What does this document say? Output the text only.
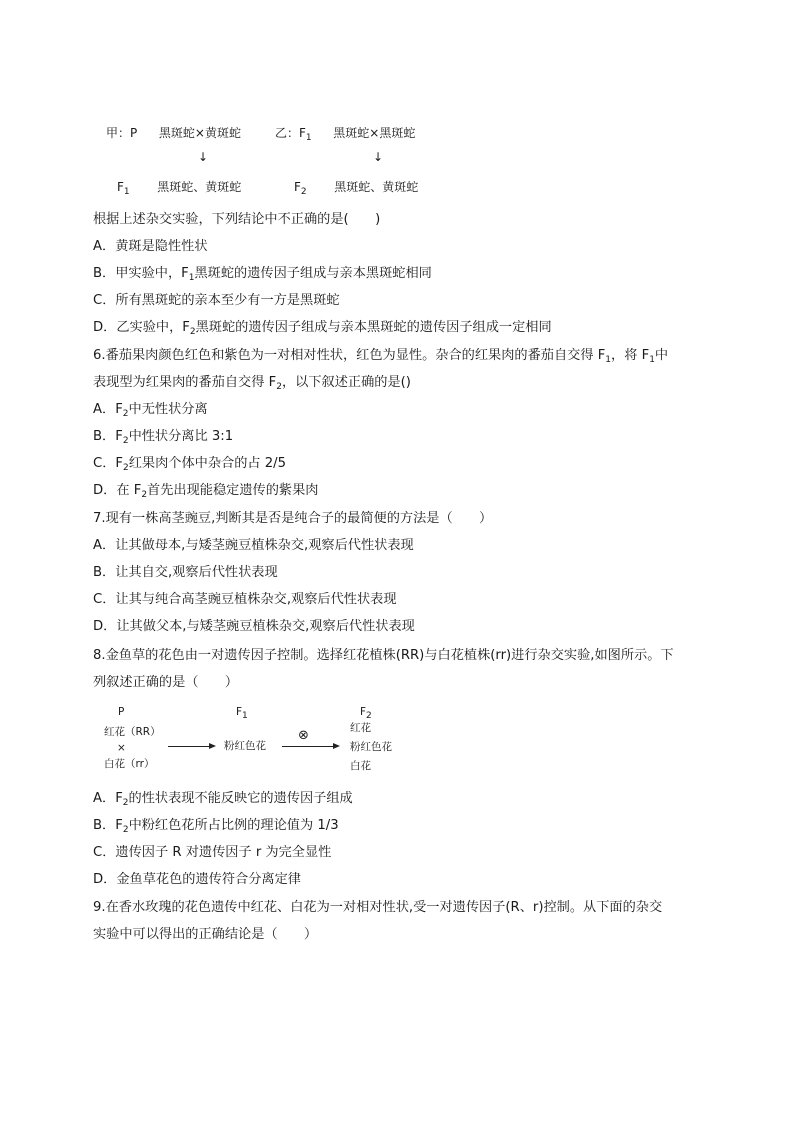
甲：P 黑斑蛇×黄斑蛇	乙：$F_1$ 黑斑蛇×黑斑蛇
↓	↓
$F_1$ 黑斑蛇、黄斑蛇	$F_2$ 黑斑蛇、黄斑蛇
根据上述杂交实验，下列结论中不正确的是(　　)
A．黄斑是隐性性状
B．甲实验中，$F_1$黑斑蛇的遗传因子组成与亲本黑斑蛇相同
C．所有黑斑蛇的亲本至少有一方是黑斑蛇
D．乙实验中，$F_2$黑斑蛇的遗传因子组成与亲本黑斑蛇的遗传因子组成一定相同
6.番茄果肉颜色红色和紫色为一对相对性状，红色为显性。杂合的红果肉的番茄自交得 $F_1$，将 $F_1$中
表现型为红果肉的番茄自交得 $F_2$，以下叙述正确的是()
A．$F_2$中无性状分离
B．$F_2$中性状分离比 3:1
C．$F_2$红果肉个体中杂合的占 2/5
D．在 $F_2$首先出现能稳定遗传的紫果肉
7.现有一株高茎豌豆,判断其是否是纯合子的最简便的方法是（　　）
A．让其做母本,与矮茎豌豆植株杂交,观察后代性状表现
B．让其自交,观察后代性状表现
C．让其与纯合高茎豌豆植株杂交,观察后代性状表现
D．让其做父本,与矮茎豌豆植株杂交,观察后代性状表现
8.金鱼草的花色由一对遗传因子控制。选择红花植株(RR)与白花植株(rr)进行杂交实验,如图所示。下
列叙述正确的是（　　）
P	$F_1$	$F_2$
红花（RR）
×
白花（rr）
粉红色花
⊗	红花
粉红色花
白花
A．$F_2$的性状表现不能反映它的遗传因子组成
B．$F_2$中粉红色花所占比例的理论值为 1/3
C．遗传因子 R 对遗传因子 r 为完全显性
D．金鱼草花色的遗传符合分离定律
9.在香水玫瑰的花色遗传中红花、白花为一对相对性状,受一对遗传因子(R、r)控制。从下面的杂交
实验中可以得出的正确结论是（　　）
